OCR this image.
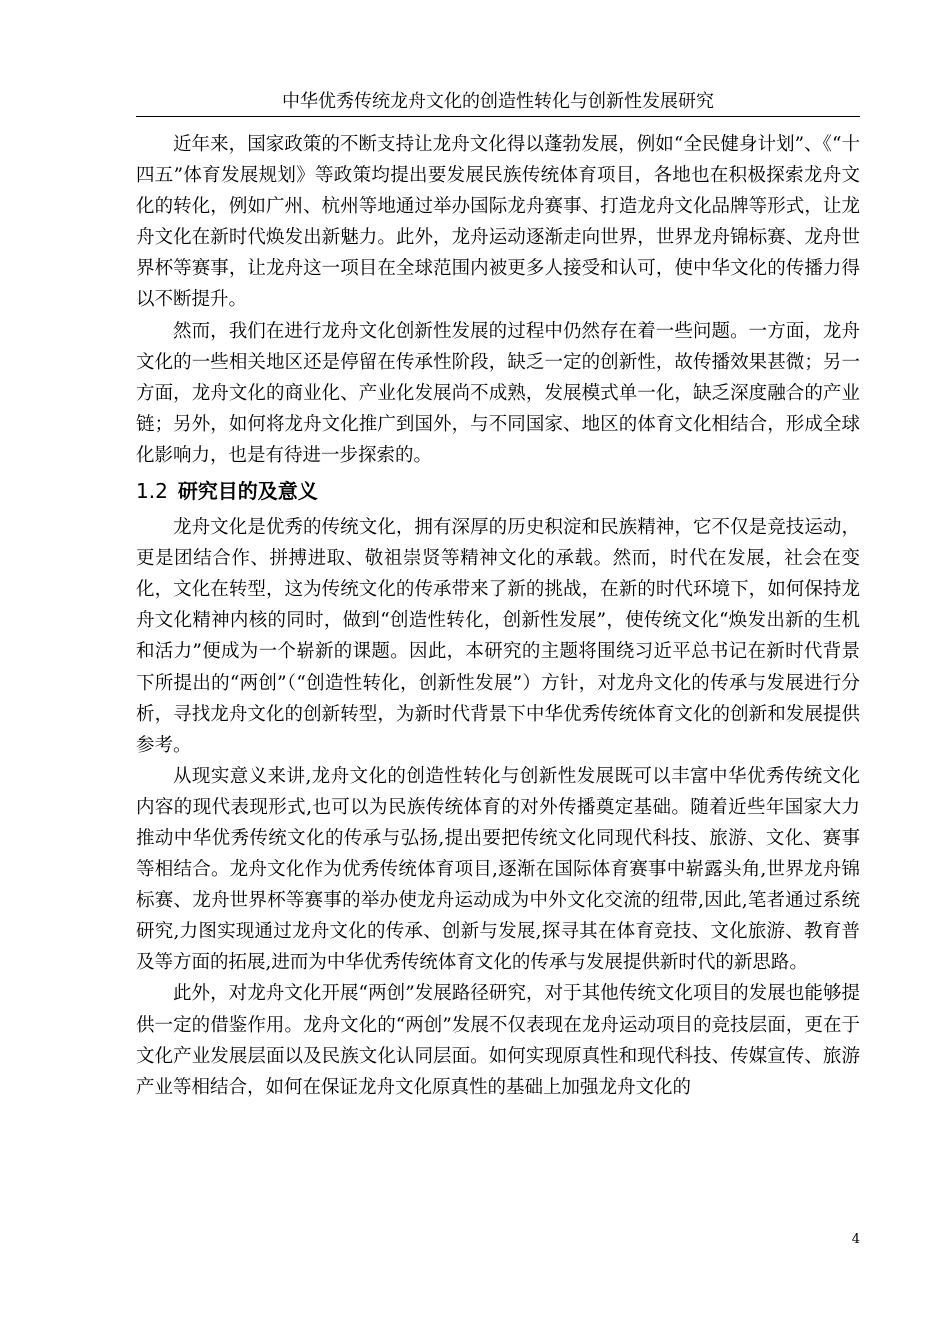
中华优秀传统龙舟文化的创造性转化与创新性发展研究

近年来，国家政策的不断支持让龙舟文化得以蓬勃发展，例如“全民健身计划”、《“十四五”体育发展规划》等政策均提出要发展民族传统体育项目，各地也在积极探索龙舟文化的转化，例如广州、杭州等地通过举办国际龙舟赛事、打造龙舟文化品牌等形式，让龙舟文化在新时代焕发出新魅力。此外，龙舟运动逐渐走向世界，世界龙舟锦标赛、龙舟世界杯等赛事，让龙舟这一项目在全球范围内被更多人接受和认可，使中华文化的传播力得以不断提升。

然而，我们在进行龙舟文化创新性发展的过程中仍然存在着一些问题。一方面，龙舟文化的一些相关地区还是停留在传承性阶段，缺乏一定的创新性，故传播效果甚微；另一方面，龙舟文化的商业化、产业化发展尚不成熟，发展模式单一化，缺乏深度融合的产业链；另外，如何将龙舟文化推广到国外，与不同国家、地区的体育文化相结合，形成全球化影响力，也是有待进一步探索的。

1.2 研究目的及意义

龙舟文化是优秀的传统文化，拥有深厚的历史积淀和民族精神，它不仅是竞技运动，更是团结合作、拼搏进取、敬祖崇贤等精神文化的承载。然而，时代在发展，社会在变化，文化在转型，这为传统文化的传承带来了新的挑战，在新的时代环境下，如何保持龙舟文化精神内核的同时，做到“创造性转化，创新性发展”，使传统文化“焕发出新的生机和活力”便成为一个崭新的课题。因此，本研究的主题将围绕习近平总书记在新时代背景下所提出的“两创”（“创造性转化，创新性发展”）方针，对龙舟文化的传承与发展进行分析，寻找龙舟文化的创新转型，为新时代背景下中华优秀传统体育文化的创新和发展提供参考。

从现实意义来讲,龙舟文化的创造性转化与创新性发展既可以丰富中华优秀传统文化内容的现代表现形式,也可以为民族传统体育的对外传播奠定基础。随着近些年国家大力推动中华优秀传统文化的传承与弘扬,提出要把传统文化同现代科技、旅游、文化、赛事等相结合。龙舟文化作为优秀传统体育项目,逐渐在国际体育赛事中崭露头角,世界龙舟锦标赛、龙舟世界杯等赛事的举办使龙舟运动成为中外文化交流的纽带,因此,笔者通过系统研究,力图实现通过龙舟文化的传承、创新与发展,探寻其在体育竞技、文化旅游、教育普及等方面的拓展,进而为中华优秀传统体育文化的传承与发展提供新时代的新思路。

此外，对龙舟文化开展“两创”发展路径研究，对于其他传统文化项目的发展也能够提供一定的借鉴作用。龙舟文化的“两创”发展不仅表现在龙舟运动项目的竞技层面，更在于文化产业发展层面以及民族文化认同层面。如何实现原真性和现代科技、传媒宣传、旅游产业等相结合，如何在保证龙舟文化原真性的基础上加强龙舟文化的

4
